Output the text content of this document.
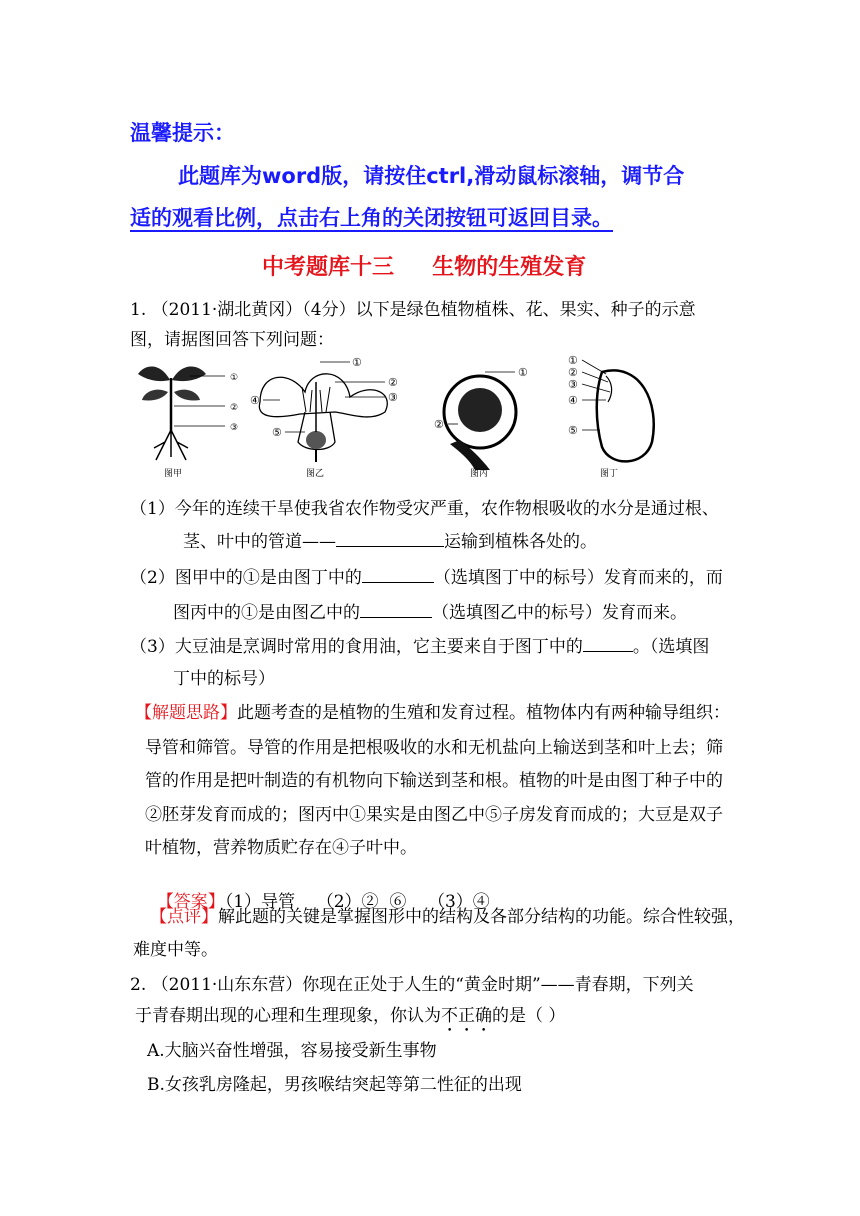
温馨提示：
此题库为word版，请按住ctrl,滑动鼠标滚轴，调节合
适的观看比例，点击右上角的关闭按钮可返回目录。
中考题库十三     生物的生殖发育
1. （2011·湖北黄冈）（4分）以下是绿色植物植株、花、果实、种子的示意
图，请据图回答下列问题：
①
②
③
图甲
①
②
③
④
⑤
图乙
①
②
图丙
①
②
③
④
⑤
图丁
（1）今年的连续干旱使我省农作物受灾严重，农作物根吸收的水分是通过根、
茎、叶中的管道——	运输到植株各处的。
（2）图甲中的①是由图丁中的	（选填图丁中的标号）发育而来的，而
图丙中的①是由图乙中的	（选填图乙中的标号）发育而来。
（3）大豆油是烹调时常用的食用油，它主要来自于图丁中的	。（选填图
丁中的标号）
【解题思路】此题考查的是植物的生殖和发育过程。植物体内有两种输导组织：
导管和筛管。导管的作用是把根吸收的水和无机盐向上输送到茎和叶上去；筛
管的作用是把叶制造的有机物向下输送到茎和根。植物的叶是由图丁种子中的
②胚芽发育而成的；图丙中①果实是由图乙中⑤子房发育而成的；大豆是双子
叶植物，营养物质贮存在④子叶中。

【答案】（1）导管    （2）②  ⑥    （3）④

【点评】解此题的关键是掌握图形中的结构及各部分结构的功能。综合性较强，
难度中等。
2. （2011·山东东营）你现在正处于人生的“黄金时期”——青春期，下列关
于青春期出现的心理和生理现象，你认为不正确的是（ ）
A.大脑兴奋性增强，容易接受新生事物
B.女孩乳房隆起，男孩喉结突起等第二性征的出现
